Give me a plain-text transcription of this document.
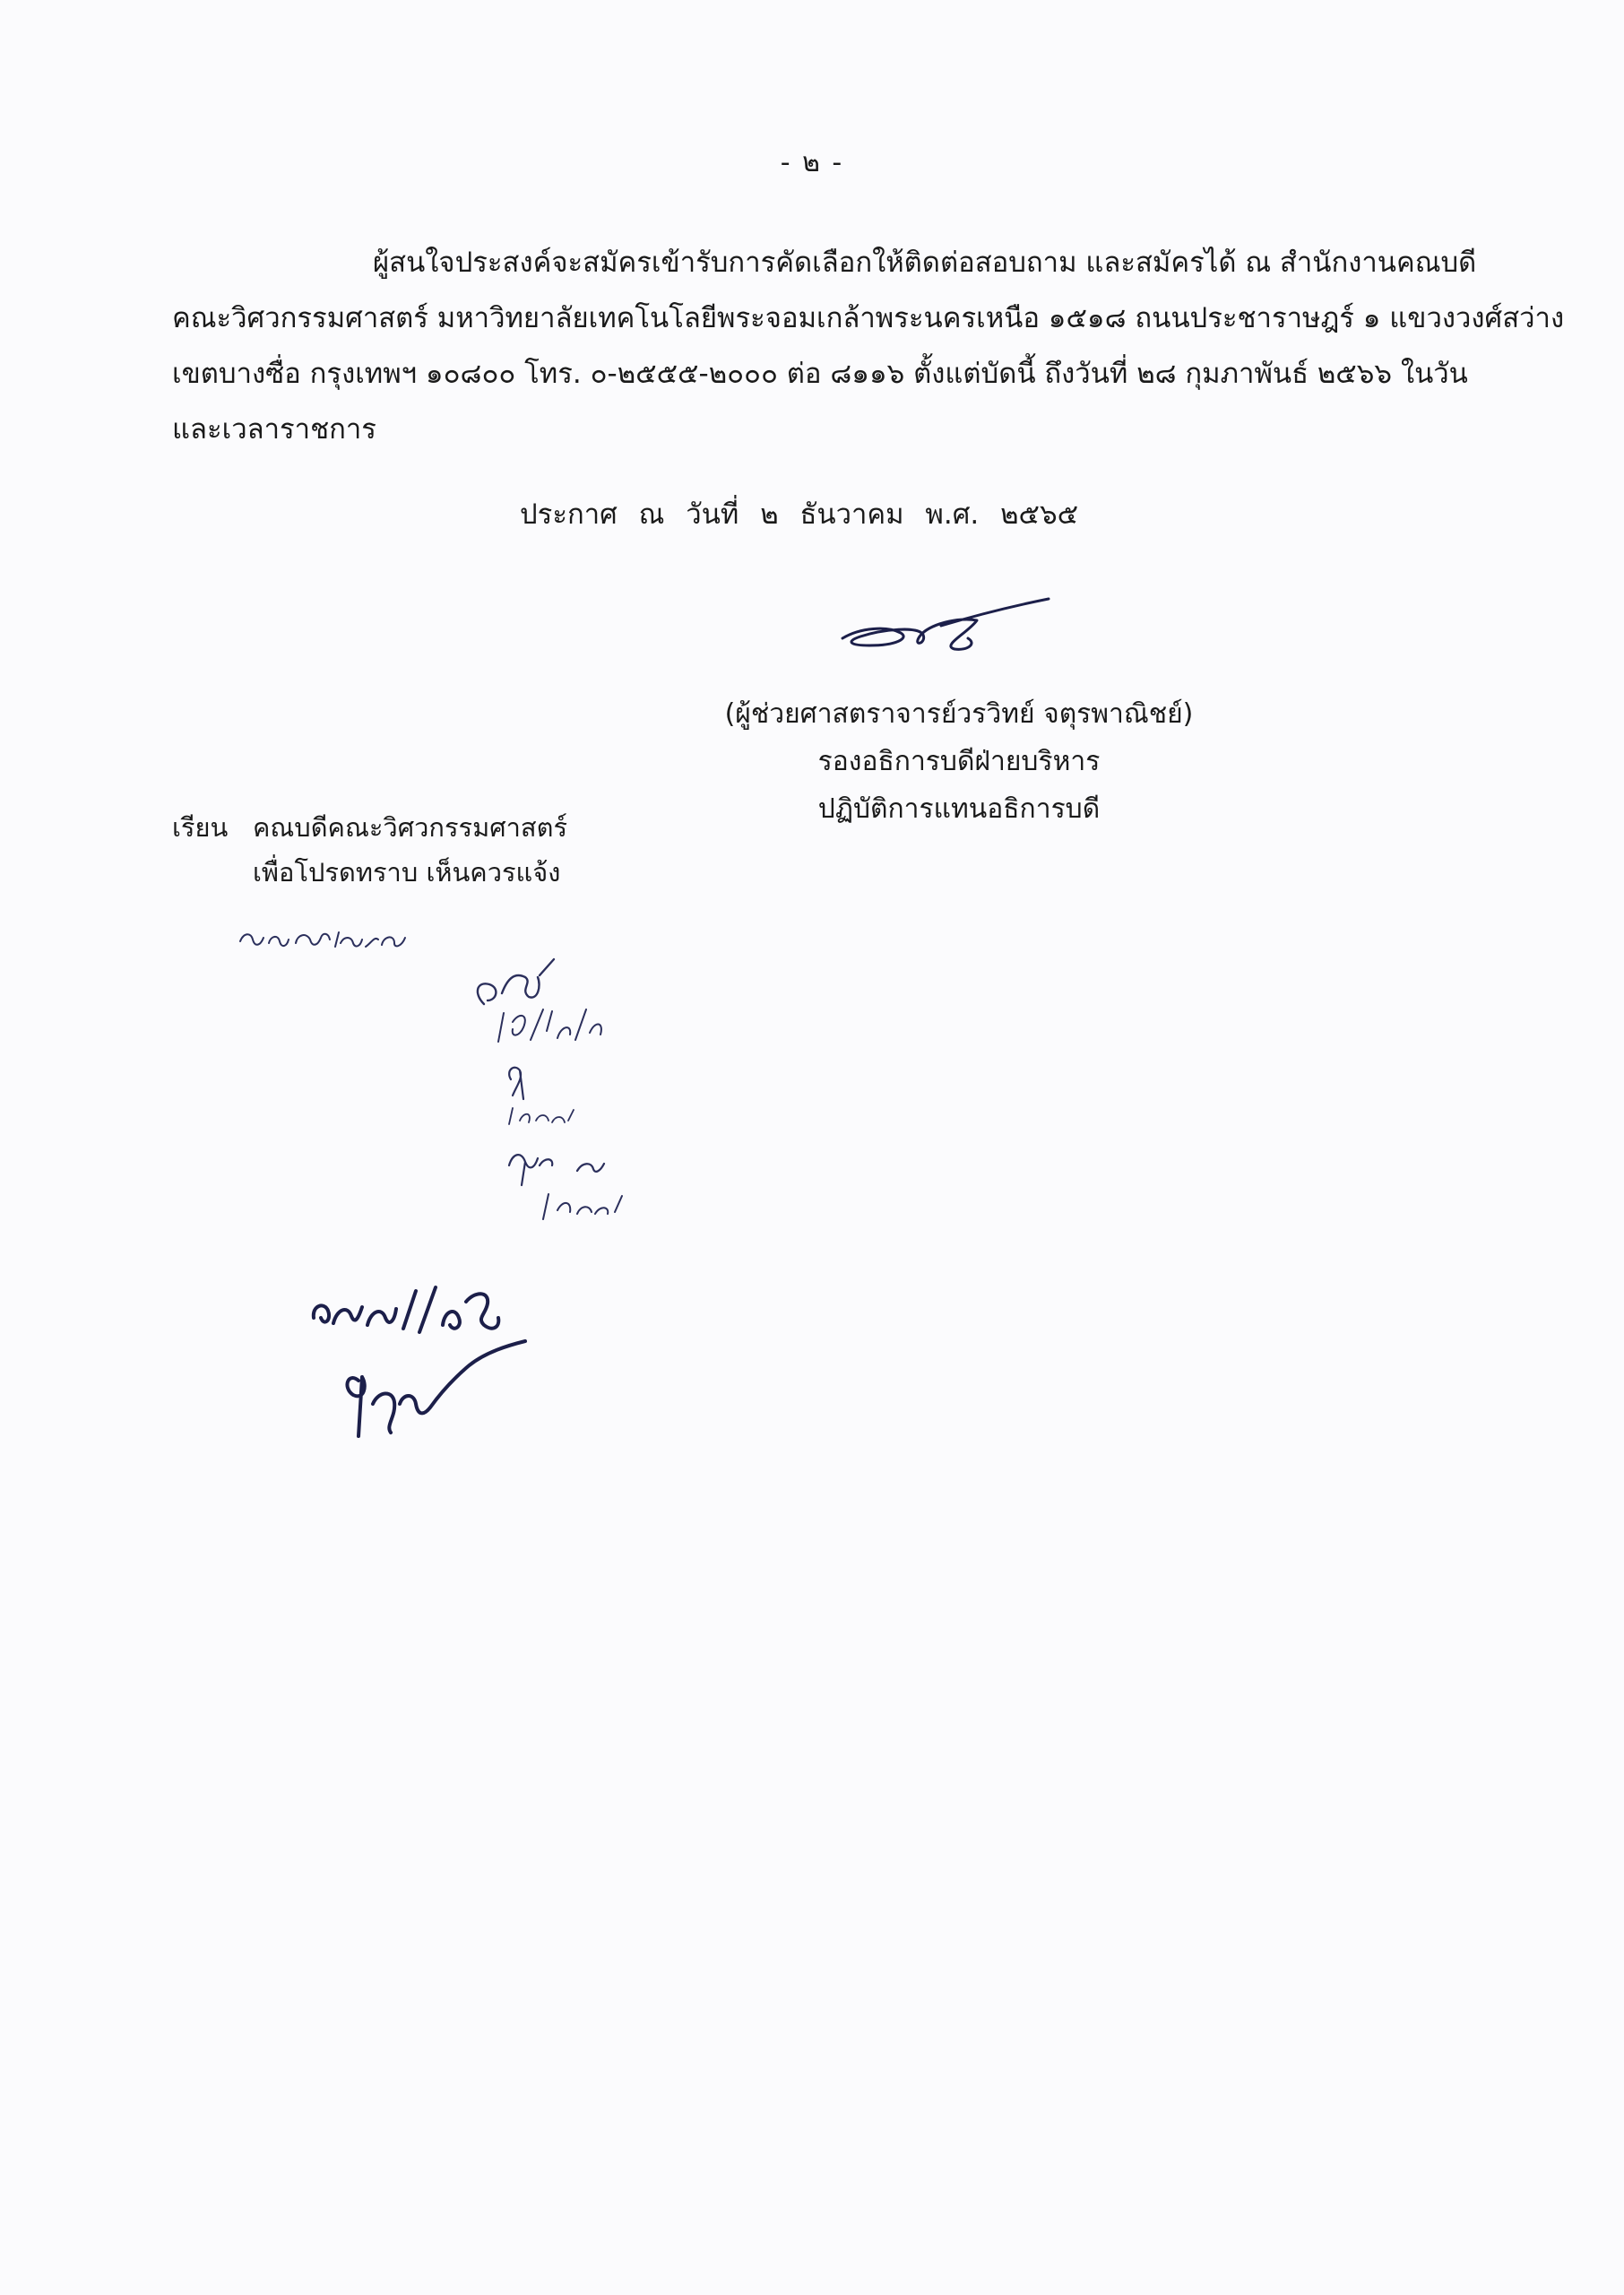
- ๒ -
ผู้สนใจประสงค์จะสมัครเข้ารับการคัดเลือกให้ติดต่อสอบถาม และสมัครได้ ณ สำนักงานคณบดี
คณะวิศวกรรมศาสตร์ มหาวิทยาลัยเทคโนโลยีพระจอมเกล้าพระนครเหนือ ๑๕๑๘ ถนนประชาราษฎร์ ๑ แขวงวงศ์สว่าง
เขตบางซื่อ กรุงเทพฯ ๑๐๘๐๐ โทร. ๐-๒๕๕๕-๒๐๐๐ ต่อ ๘๑๑๖ ตั้งแต่บัดนี้ ถึงวันที่ ๒๘ กุมภาพันธ์ ๒๕๖๖ ในวัน
และเวลาราชการ
ประกาศ ณ วันที่ ๒ ธันวาคม พ.ศ. ๒๕๖๕
(ผู้ช่วยศาสตราจารย์วรวิทย์ จตุรพาณิชย์)
รองอธิการบดีฝ่ายบริหาร
ปฏิบัติการแทนอธิการบดี
เรียน คณบดีคณะวิศวกรรมศาสตร์
เพื่อโปรดทราบ เห็นควรแจ้ง
